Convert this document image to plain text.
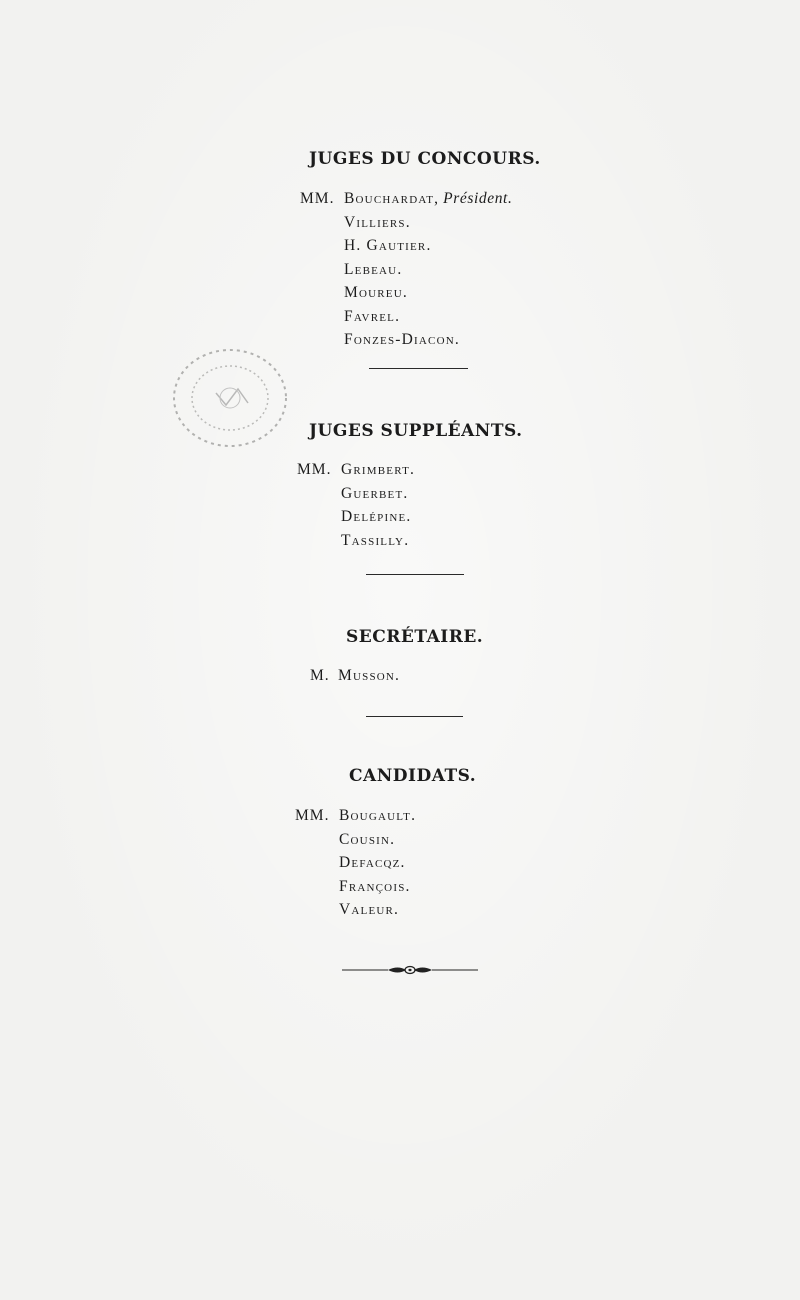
JUGES DU CONCOURS.
MM. Bouchardat, Président.
Villiers.
H. Gautier.
Lebeau.
Moureu.
Favrel.
Fonzes-Diacon.
JUGES SUPPLÉANTS.
MM. Grimbert.
Guerbet.
Delépine.
Tassilly.
SECRÉTAIRE.
M. Musson.
CANDIDATS.
MM. Bougault.
Cousin.
Defacqz.
François.
Valeur.
